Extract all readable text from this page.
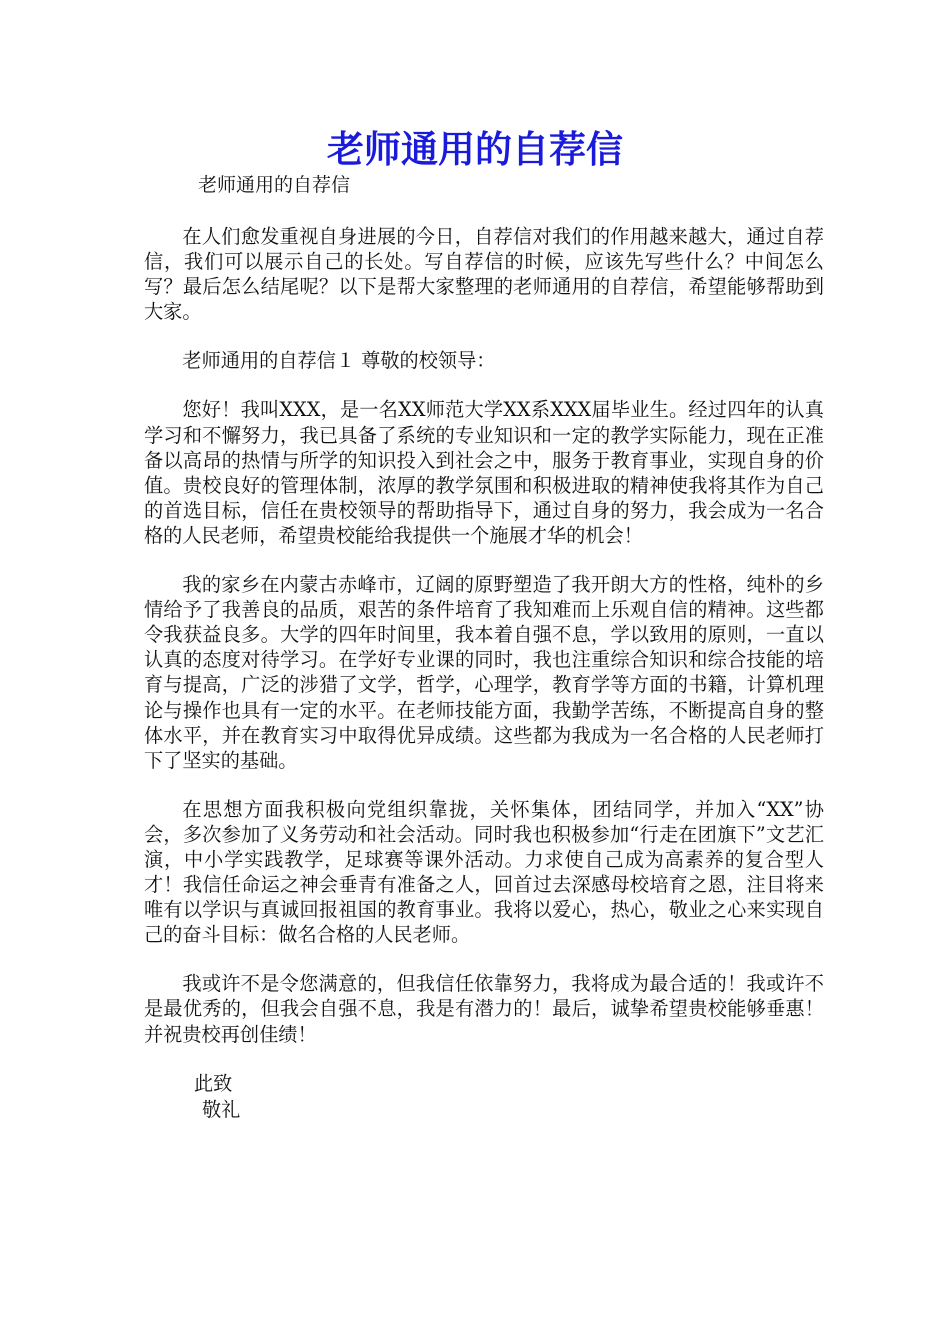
老师通用的自荐信

老师通用的自荐信

在人们愈发重视自身进展的今日，自荐信对我们的作用越来越大，通过自荐信，我们可以展示自己的长处。写自荐信的时候，应该先写些什么？中间怎么写？最后怎么结尾呢？以下是帮大家整理的老师通用的自荐信，希望能够帮助到大家。

老师通用的自荐信１ 尊敬的校领导：

您好！我叫XXX，是一名XX师范大学XX系XXX届毕业生。经过四年的认真学习和不懈努力，我已具备了系统的专业知识和一定的教学实际能力，现在正准备以高昂的热情与所学的知识投入到社会之中，服务于教育事业，实现自身的价值。贵校良好的管理体制，浓厚的教学氛围和积极进取的精神使我将其作为自己的首选目标，信任在贵校领导的帮助指导下，通过自身的努力，我会成为一名合格的人民老师，希望贵校能给我提供一个施展才华的机会！

我的家乡在内蒙古赤峰市，辽阔的原野塑造了我开朗大方的性格，纯朴的乡情给予了我善良的品质，艰苦的条件培育了我知难而上乐观自信的精神。这些都令我获益良多。大学的四年时间里，我本着自强不息，学以致用的原则，一直以认真的态度对待学习。在学好专业课的同时，我也注重综合知识和综合技能的培育与提高，广泛的涉猎了文学，哲学，心理学，教育学等方面的书籍，计算机理论与操作也具有一定的水平。在老师技能方面，我勤学苦练，不断提高自身的整体水平，并在教育实习中取得优异成绩。这些都为我成为一名合格的人民老师打下了坚实的基础。

在思想方面我积极向党组织靠拢，关怀集体，团结同学，并加入“XX”协会，多次参加了义务劳动和社会活动。同时我也积极参加“行走在团旗下”文艺汇演，中小学实践教学，足球赛等课外活动。力求使自己成为高素养的复合型人才！我信任命运之神会垂青有准备之人，回首过去深感母校培育之恩，注目将来唯有以学识与真诚回报祖国的教育事业。我将以爱心，热心，敬业之心来实现自己的奋斗目标：做名合格的人民老师。

我或许不是令您满意的，但我信任依靠努力，我将成为最合适的！我或许不是最优秀的，但我会自强不息，我是有潜力的！最后，诚挚希望贵校能够垂惠！并祝贵校再创佳绩！

此致

敬礼
